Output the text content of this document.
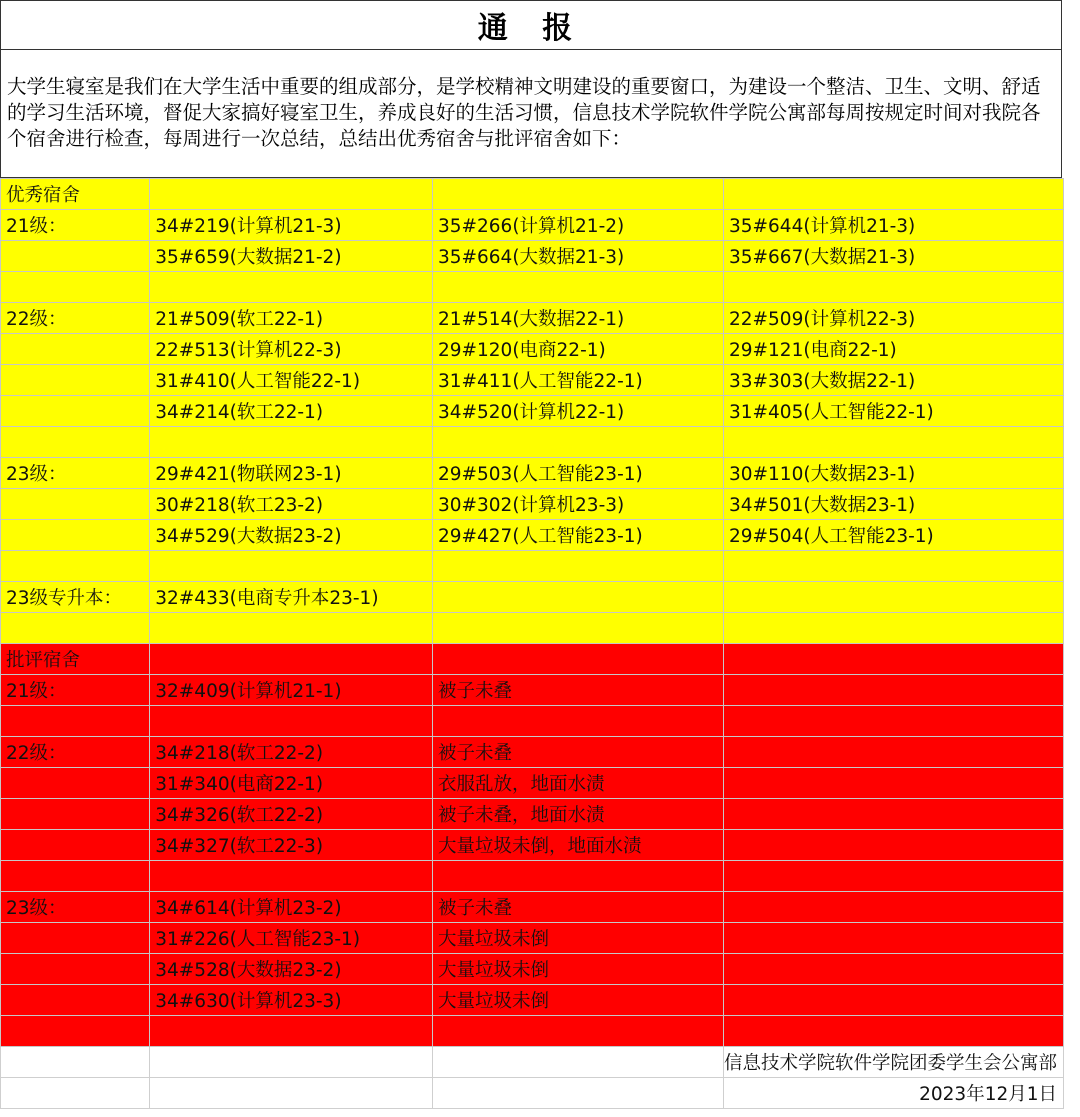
通 报
大学生寝室是我们在大学生活中重要的组成部分，是学校精神文明建设的重要窗口，为建设一个整洁、卫生、文明、舒适的学习生活环境，督促大家搞好寝室卫生，养成良好的生活习惯，信息技术学院软件学院公寓部每周按规定时间对我院各个宿舍进行检查，每周进行一次总结，总结出优秀宿舍与批评宿舍如下：
优秀宿舍				
21级：	34#219(计算机21-3)	35#266(计算机21-2)	35#644(计算机21-3)	
	35#659(大数据21-2)	35#664(大数据21-3)	35#667(大数据21-3)	

22级：	21#509(软工22-1)	21#514(大数据22-1)	22#509(计算机22-3)	
	22#513(计算机22-3)	29#120(电商22-1)	29#121(电商22-1)	
	31#410(人工智能22-1)	31#411(人工智能22-1)	33#303(大数据22-1)	
	34#214(软工22-1)	34#520(计算机22-1)	31#405(人工智能22-1)	

23级：	29#421(物联网23-1)	29#503(人工智能23-1)	30#110(大数据23-1)	
	30#218(软工23-2)	30#302(计算机23-3)	34#501(大数据23-1)	
	34#529(大数据23-2)	29#427(人工智能23-1)	29#504(人工智能23-1)	

23级专升本：	32#433(电商专升本23-1)			

批评宿舍				
21级：	32#409(计算机21-1)	被子未叠		

22级：	34#218(软工22-2)	被子未叠		
	31#340(电商22-1)	衣服乱放，地面水渍		
	34#326(软工22-2)	被子未叠，地面水渍		
	34#327(软工22-3)	大量垃圾未倒，地面水渍		

23级：	34#614(计算机23-2)	被子未叠		
	31#226(人工智能23-1)	大量垃圾未倒		
	34#528(大数据23-2)	大量垃圾未倒		
	34#630(计算机23-3)	大量垃圾未倒		

			信息技术学院软件学院团委学生会公寓部	
			2023年12月1日	
